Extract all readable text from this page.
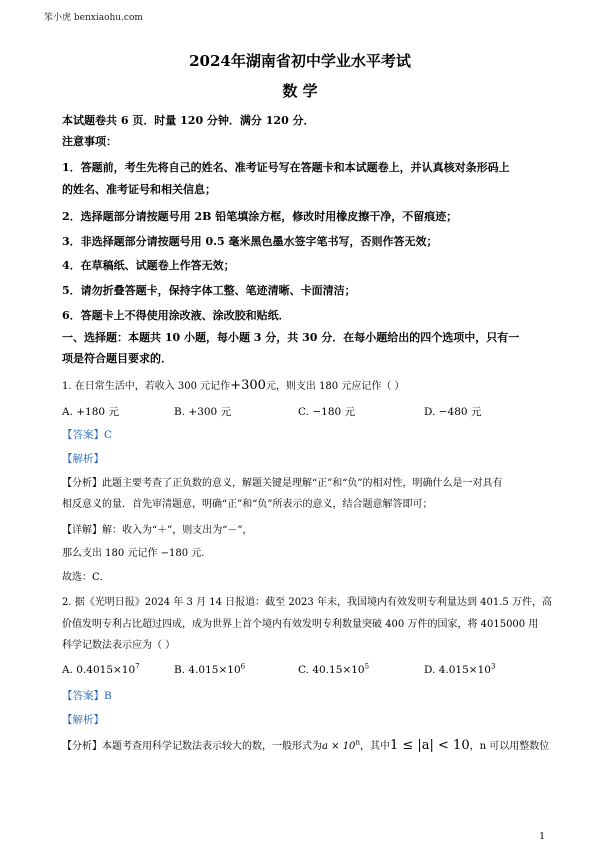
笨小虎 benxiaohu.com
2024年湖南省初中学业水平考试
数 学
本试题卷共 6 页．时量 120 分钟．满分 120 分．
注意事项：
1．答题前，考生先将自己的姓名、准考证号写在答题卡和本试题卷上，并认真核对条形码上
的姓名、准考证号和相关信息；
2．选择题部分请按题号用 2B 铅笔填涂方框，修改时用橡皮擦干净，不留痕迹；
3．非选择题部分请按题号用 0.5 毫米黑色墨水签字笔书写，否则作答无效；
4．在草稿纸、试题卷上作答无效；
5．请勿折叠答题卡，保持字体工整、笔迹清晰、卡面清洁；
6．答题卡上不得使用涂改液、涂改胶和贴纸．
一、选择题：本题共 10 小题，每小题 3 分，共 30 分．在每小题给出的四个选项中，只有一
项是符合题目要求的．
1. 在日常生活中，若收入 300 元记作+300元，则支出 180 元应记作（ ）
A. +180 元	B. +300 元	C. −180 元	D. −480 元
【答案】C
【解析】
【分析】此题主要考查了正负数的意义，解题关键是理解“正”和“负”的相对性，明确什么是一对具有
相反意义的量．首先审清题意，明确“正”和“负”所表示的意义，结合题意解答即可；
【详解】解：收入为“＋”，则支出为“－”，
那么支出 180 元记作 −180 元．
故选：C．
2. 据《光明日报》2024 年 3 月 14 日报道：截至 2023 年末，我国境内有效发明专利量达到 401.5 万件，高
价值发明专利占比超过四成，成为世界上首个境内有效发明专利数量突破 400 万件的国家，将 4015000 用
科学记数法表示应为（ ）
A. $0.4015\times 10^7$	B. $4.015\times 10^6$	C. $40.15\times 10^5$	D. $4.015\times 10^3$
【答案】B
【解析】
【分析】本题考查用科学记数法表示较大的数，一般形式为$a \times 10^n$，其中1 ≤ |a| < 10，n 可以用整数位
1
